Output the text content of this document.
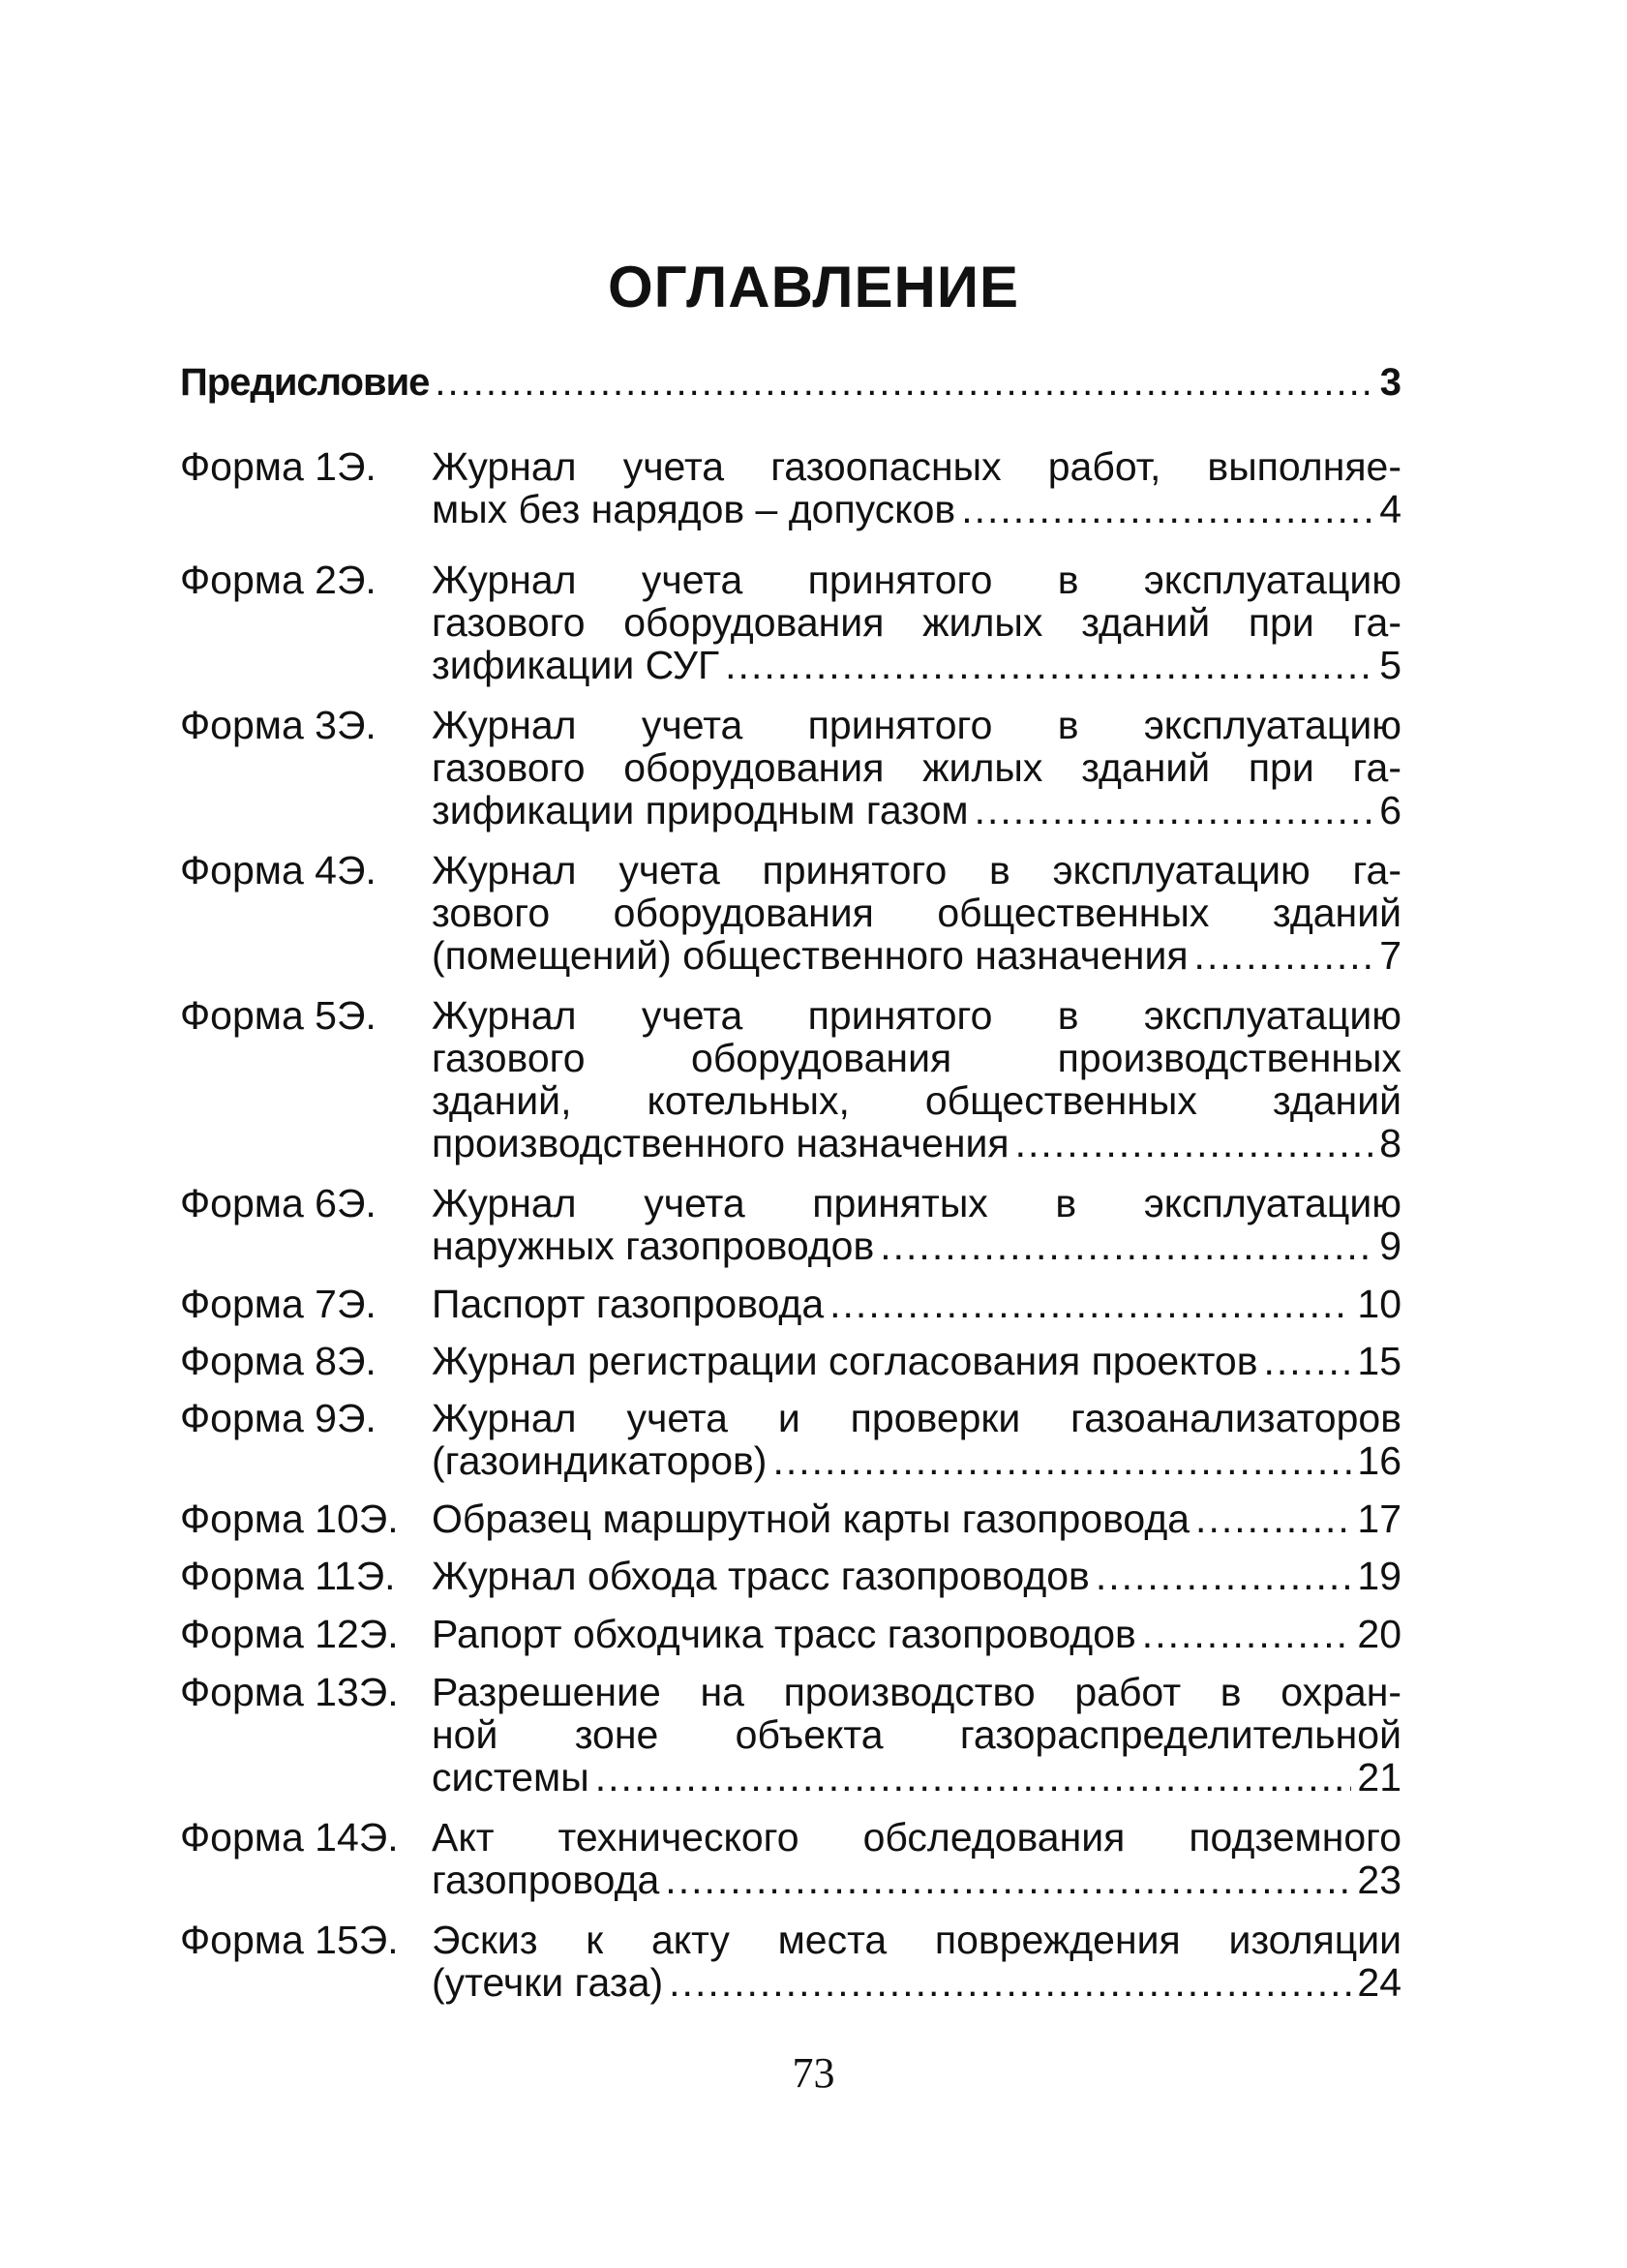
ОГЛАВЛЕНИЕ
Предисловие .....	3
Форма 1Э.	Журнал учета газоопасных работ, выполняе-
мых без нарядов – допусков .....	4
Форма 2Э.	Журнал учета принятого в эксплуатацию
газового оборудования жилых зданий при га-
зификации СУГ .....	5
Форма 3Э.	Журнал учета принятого в эксплуатацию
газового оборудования жилых зданий при га-
зификации природным газом .....	6
Форма 4Э.	Журнал учета принятого в эксплуатацию га-
зового оборудования общественных зданий
(помещений) общественного назначения .....	7
Форма 5Э.	Журнал учета принятого в эксплуатацию
газового оборудования производственных
зданий, котельных, общественных зданий
производственного назначения .....	8
Форма 6Э.	Журнал учета принятых в эксплуатацию
наружных газопроводов .....	9
Форма 7Э.	Паспорт газопровода .....	10
Форма 8Э.	Журнал регистрации согласования проектов .....	15
Форма 9Э.	Журнал учета и проверки газоанализаторов
(газоиндикаторов) .....	16
Форма 10Э. Образец маршрутной карты газопровода .....	17
Форма 11Э. Журнал обхода трасс газопроводов .....	19
Форма 12Э. Рапорт обходчика трасс газопроводов .....	20
Форма 13Э. Разрешение на производство работ в охран-
ной зоне объекта газораспределительной
системы .....	21
Форма 14Э. Акт технического обследования подземного
газопровода .....	23
Форма 15Э. Эскиз к акту места повреждения изоляции
(утечки газа) .....	24
73
